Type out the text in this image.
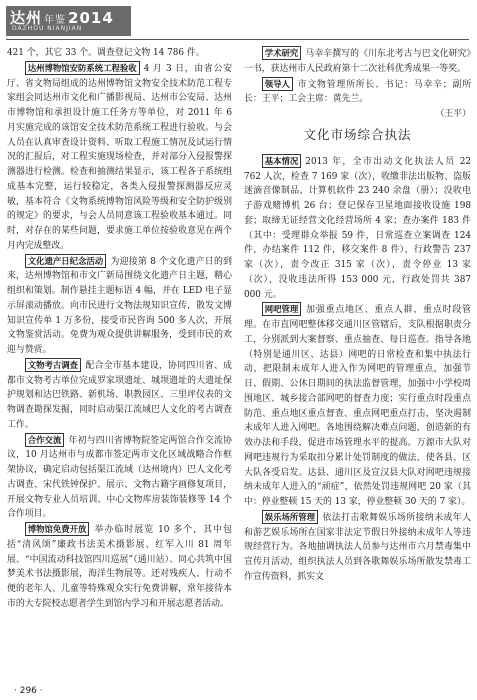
达州 年鉴 2014
DAZHOU NIANJIAN

421 个，其它 33 个。调查登记文物 14 786 件。

达州博物馆安防系统工程验收 4 月 3 日，由省公安厅、省文物局组成的达州博物馆文物安全技术防范工程专家组会同达州市文化和广播影视局、达州市公安局、达州市博物馆和承担设计施工任务方等单位，对 2011 年 6 月实施完成的该馆安全技术防范系统工程进行验收。与会人员在认真审查设计资料、听取工程施工情况及试运行情况的汇报后，对工程实施现场检查，并对部分入侵报警探测器进行检测。检查和抽测结果显示，该工程各子系统组成基本完整，运行较稳定，各类入侵报警探测器反应灵敏，基本符合《文物系统博物馆风险等级和安全防护级别的规定》的要求，与会人员同意该工程验收基本通过。同时，对存在的某些问题，要求施工单位按验收意见在两个月内完成整改。

文化遗产日纪念活动 为迎接第 8 个文化遗产日的到来，达州博物馆和市文广新局围绕文化遗产日主题，精心组织和策划。制作悬挂主题标语 4 幅，并在 LED 电子显示屏滚动播放。向市民进行文物法规知识宣传，散发文博知识宣传单 1 万多份，接受市民咨询 500 多人次，开展文物鉴赏活动。免费为观众提供讲解服务，受到市民的欢迎与赞赏。

文物考古调查 配合全市基本建设，协同四川省、成都市文物考古单位完成罗家坝遗址、城坝遗址的大遗址保护规划和达巴铁路、新机场、职教园区、三里坪仪表的文物调查勘探发掘，同时启动渠江流域巴人文化的考古调查工作。

合作交流 年初与四川省博物院签定两馆合作交流协议，10 月达州市与成都市签定两市文化区域战略合作框架协议，确定启动包括渠江流域（达州境内）巴人文化考古调查、宋代铁钟保护、展示、文物古籍字画修复项目，开展文物专业人员培训、中心文物库房装饰装修等 14 个合作项目。

博物馆免费开放 举办临时展览 10 多个，其中包括“清风颂”廉政书法美术摄影展、红军入川 81 周年展、“中国流动科技馆四川巡展”（通川站）、同心共筑中国梦美术书法摄影展，海洋生物展等。还对残疾人、行动不便的老年人、儿童等特殊观众实行免费讲解，常年接待本市的大专院校志愿者学生到馆内学习和开展志愿者活动。

学术研究 马幸辛撰写的《川东北考古与巴文化研究》一书，获达州市人民政府第十二次社科优秀成果一等奖。

领导人 市文物管理所所长、书记：马幸辛；副所长：王平；工会主席：黄先兰。

（王平）

文化市场综合执法

基本情况 2013 年，全市出动文化执法人员 22 762 人次，检查 7 169 家（次），收缴非法出版物、盗版迷滴音像制品、计算机软件 23 240 余盘（册）；没收电子游戏赌博机 26 台；登记保存卫星地面接收设施 198 套；取缔无证经营文化经营场所 4 家；查办案件 183 件（其中：受理群众举报 59 件，日常巡查立案调查 124 件，办结案件 112 件，移交案件 8 件），行政警告 237 家（次），责令改正 315 家（次），责令停业 13 家（次），没收违法所得 153 000 元，行政处罚共 387 000 元。

网吧管理 加强重点地区、重点人群、重点时段管理。在市直网吧整体移交通川区管辖后，支队根据职责分工，分别派到大案督察、重点抽查、每日巡查。指导各地（特别是通川区、达县）网吧的日常检查和集中执法行动，把限制未成年人进入作为网吧的管理重点，加强节日、假期、公休日期间的执法监督管理，加强中小学校周围地区、城乡接合部网吧的督查力度；实行重点时段重点防范、重点地区重点督查、重点网吧重点打击，坚决遏制未成年人进入网吧。各地围绕解决难点问题，创造新的有效办法和手段，促进市场管理水平的提高。万源市大队对网吧违规行为采取扣分累计处罚制度的做法，使各县、区大队各受启发。达县、通川区及宣汉县大队对网吧违规接纳未成年人进入的“顽症”，依然处罚违规网吧 20 家（其中：停业整顿 15 天的 13 家，停业整顿 30 天的 7 家）。

娱乐场所管理 依法打击歌舞娱乐场所接纳未成年人和游艺娱乐场所在国家非法定节假日外接纳未成年人等违规经营行为。各地抽调执法人员参与达州市六月禁毒集中宣传月活动，组织执法人员到各歌舞娱乐场所散发禁毒工作宣传资料，抓实文

· 296 ·
